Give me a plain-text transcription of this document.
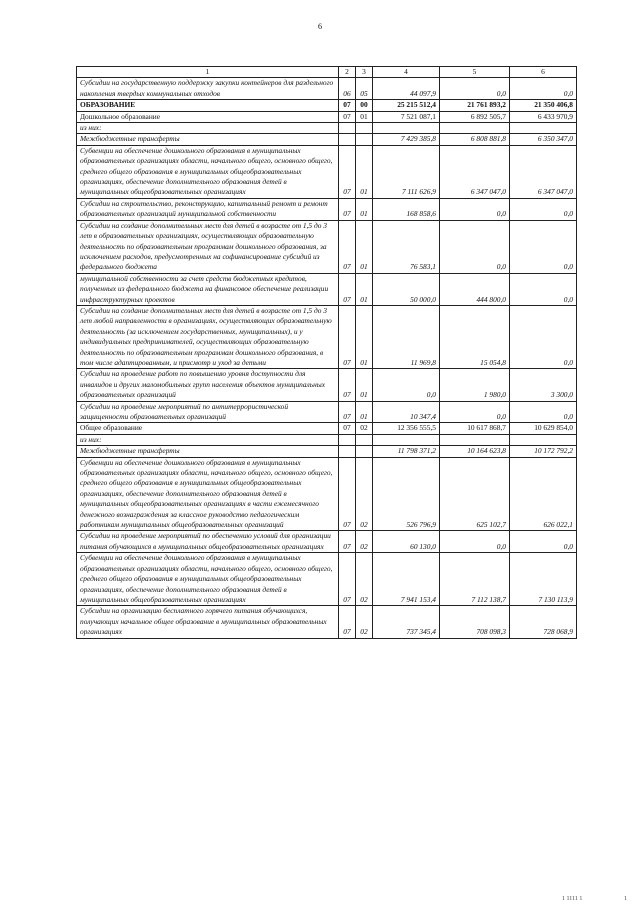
6
1	2	3	4	5	6
Субсидии на государственную поддержку закупки контейнеров для раздельного накопления твердых коммунальных отходов	06	05	44 097,9	0,0	0,0
ОБРАЗОВАНИЕ	07	00	25 215 512,4	21 761 893,2	21 350 406,8
Дошкольное образование	07	01	7 521 087,1	6 892 505,7	6 433 970,9
из них:					
Межбюджетные трансферты			7 429 385,8	6 808 881,8	6 350 347,0
Субвенции на обеспечение дошкольного образования в муниципальных образовательных организациях области, начального общего, основного общего, среднего общего образования в муниципальных общеобразовательных организациях, обеспечение дополнительного образования детей в муниципальных общеобразовательных организациях	07	01	7 111 626,9	6 347 047,0	6 347 047,0
Субсидии на строительство, реконструкцию, капитальный ремонт и ремонт образовательных организаций муниципальной собственности	07	01	168 858,6	0,0	0,0
Субсидии на создание дополнительных мест для детей в возрасте от 1,5 до 3 лет в образовательных организациях, осуществляющих образовательную деятельность по образовательным программам дошкольного образования, за исключением расходов, предусмотренных на софинансирование субсидий из федерального бюджета	07	01	76 583,1	0,0	0,0
муниципальной собственности за счет средств бюджетных кредитов, полученных из федерального бюджета на финансовое обеспечение реализации инфраструктурных проектов	07	01	50 000,0	444 800,0	0,0
Субсидии на создание дополнительных мест для детей в возрасте от 1,5 до 3 лет любой направленности в организациях, осуществляющих образовательную деятельность (за исключением государственных, муниципальных), и у индивидуальных предпринимателей, осуществляющих образовательную деятельность по образовательным программам дошкольного образования, в том числе адаптированным, и присмотр и уход за детьми	07	01	11 969,8	15 054,8	0,0
Субсидии на проведение работ по повышению уровня доступности для инвалидов и других маломобильных групп населения объектов муниципальных образовательных организаций	07	01	0,0	1 980,0	3 300,0
Субсидии на проведение мероприятий по антитеррористической защищенности образовательных организаций	07	01	10 347,4	0,0	0,0
Общее образование	07	02	12 356 555,5	10 617 868,7	10 629 854,0
из них:					
Межбюджетные трансферты			11 798 371,2	10 164 623,8	10 172 792,2
Субвенции на обеспечение дошкольного образования в муниципальных образовательных организациях области, начального общего, основного общего, среднего общего образования в муниципальных общеобразовательных организациях, обеспечение дополнительного образования детей в муниципальных общеобразовательных организациях в части ежемесячного денежного вознаграждения за классное руководство педагогическим работникам муниципальных общеобразовательных организаций	07	02	526 796,9	625 102,7	626 022,1
Субсидии на проведение мероприятий по обеспечению условий для организации питания обучающихся в муниципальных общеобразовательных организациях	07	02	60 130,0	0,0	0,0
Субвенции на обеспечение дошкольного образования в муниципальных образовательных организациях области, начального общего, основного общего, среднего общего образования в муниципальных общеобразовательных организациях, обеспечение дополнительного образования детей в муниципальных общеобразовательных организациях	07	02	7 941 153,4	7 112 138,7	7 130 113,9
Субсидии на организацию бесплатного горячего питания обучающихся, получающих начальное общее образование в муниципальных образовательных организациях	07	02	737 345,4	708 098,3	728 068,9
1 1111 1	1
